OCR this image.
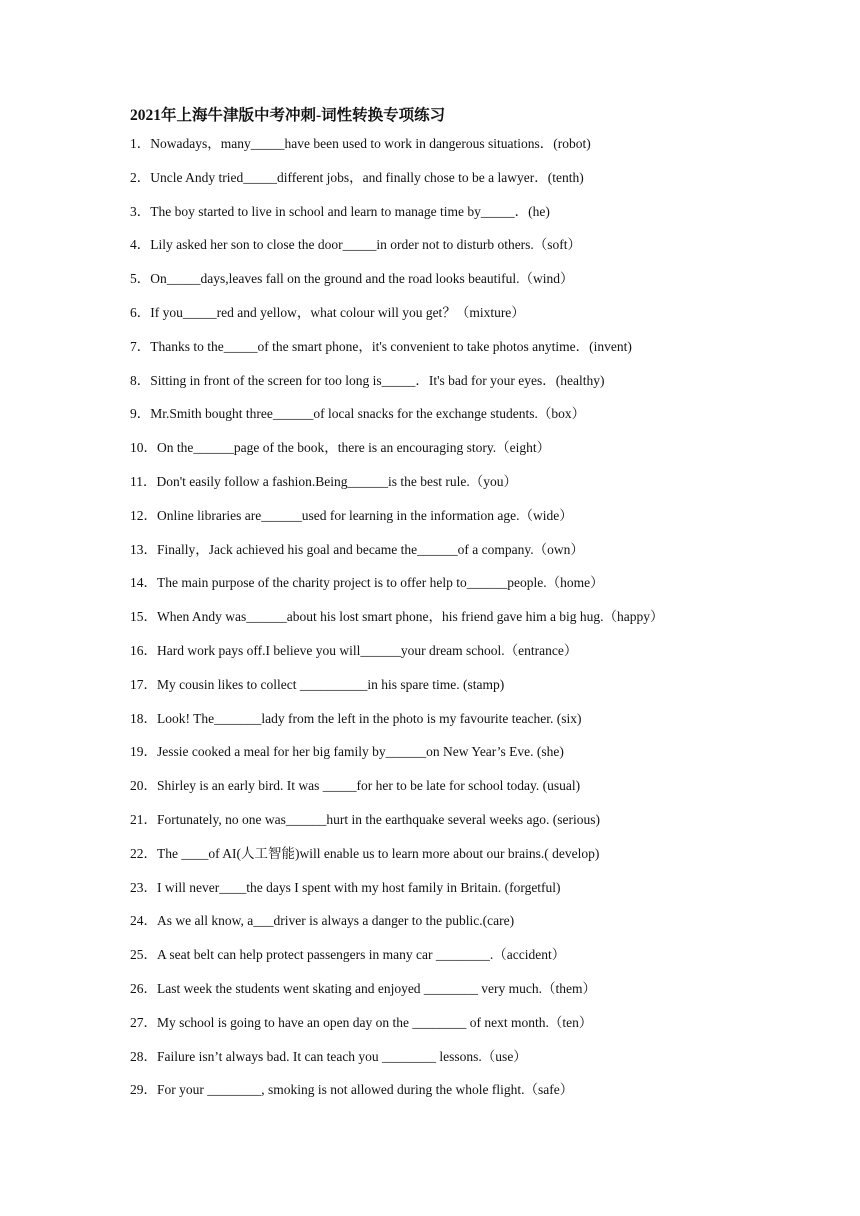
2021年上海牛津版中考冲刺-词性转换专项练习
1．Nowadays，many_____have been used to work in dangerous situations．(robot)
2．Uncle Andy tried_____different jobs，and finally chose to be a lawyer．(tenth)
3．The boy started to live in school and learn to manage time by_____．(he)
4．Lily asked her son to close the door_____in order not to disturb others.（soft）
5．On_____days,leaves fall on the ground and the road looks beautiful.（wind）
6．If you_____red and yellow，what colour will you get？（mixture）
7．Thanks to the_____of the smart phone，it's convenient to take photos anytime．(invent)
8．Sitting in front of the screen for too long is_____．It's bad for your eyes．(healthy)
9．Mr.Smith bought three______of local snacks for the exchange students.（box）
10．On the______page of the book，there is an encouraging story.（eight）
11．Don't easily follow a fashion.Being______is the best rule.（you）
12．Online libraries are______used for learning in the information age.（wide）
13．Finally，Jack achieved his goal and became the______of a company.（own）
14．The main purpose of the charity project is to offer help to______people.（home）
15．When Andy was______about his lost smart phone，his friend gave him a big hug.（happy）
16．Hard work pays off.I believe you will______your dream school.（entrance）
17．My cousin likes to collect __________in his spare time. (stamp)
18．Look! The_______lady from the left in the photo is my favourite teacher. (six)
19．Jessie cooked a meal for her big family by______on New Year’s Eve. (she)
20．Shirley is an early bird. It was _____for her to be late for school today. (usual)
21．Fortunately, no one was______hurt in the earthquake several weeks ago. (serious)
22．The ____of AI(人工智能)will enable us to learn more about our brains.( develop)
23．I will never____the days I spent with my host family in Britain. (forgetful)
24．As we all know, a___driver is always a danger to the public.(care)
25．A seat belt can help protect passengers in many car ________.（accident）
26．Last week the students went skating and enjoyed ________ very much.（them）
27．My school is going to have an open day on the ________ of next month.（ten）
28．Failure isn’t always bad. It can teach you ________ lessons.（use）
29．For your ________, smoking is not allowed during the whole flight.（safe）
